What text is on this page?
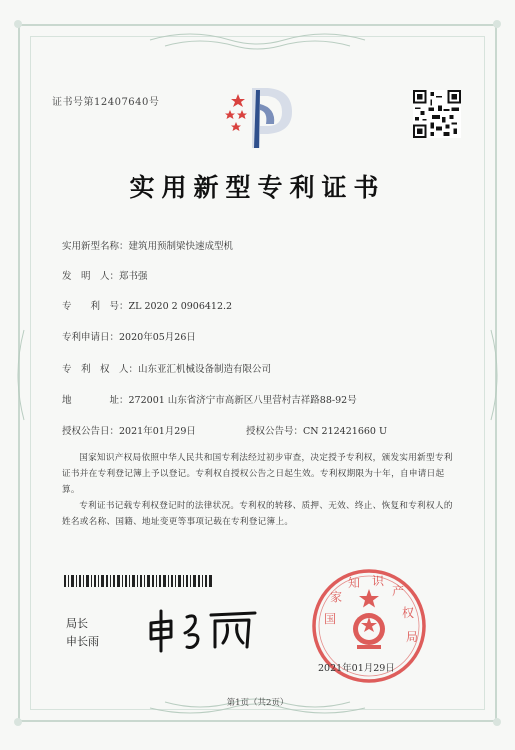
证书号第12407640号
实用新型专利证书
实用新型名称：建筑用预制梁快速成型机
发　明　人：郑书强
专　　利　号：ZL 2020 2 0906412.2
专利申请日：2020年05月26日
专　利　权　人：山东亚汇机械设备制造有限公司
地　　　　址：272001 山东省济宁市高新区八里营村吉祥路88-92号
授权公告日：2021年01月29日	授权公告号：CN 212421660 U
国家知识产权局依照中华人民共和国专利法经过初步审查，决定授予专利权，颁发实用新型专利证书并在专利登记簿上予以登记。专利权自授权公告之日起生效。专利权期限为十年，自申请日起算。
专利证书记载专利权登记时的法律状况。专利权的转移、质押、无效、终止、恢复和专利权人的姓名或名称、国籍、地址变更等事项记载在专利登记簿上。
局长
申长雨
国
家
知 识
产
权
局
2021年01月29日
第1页（共2页）
